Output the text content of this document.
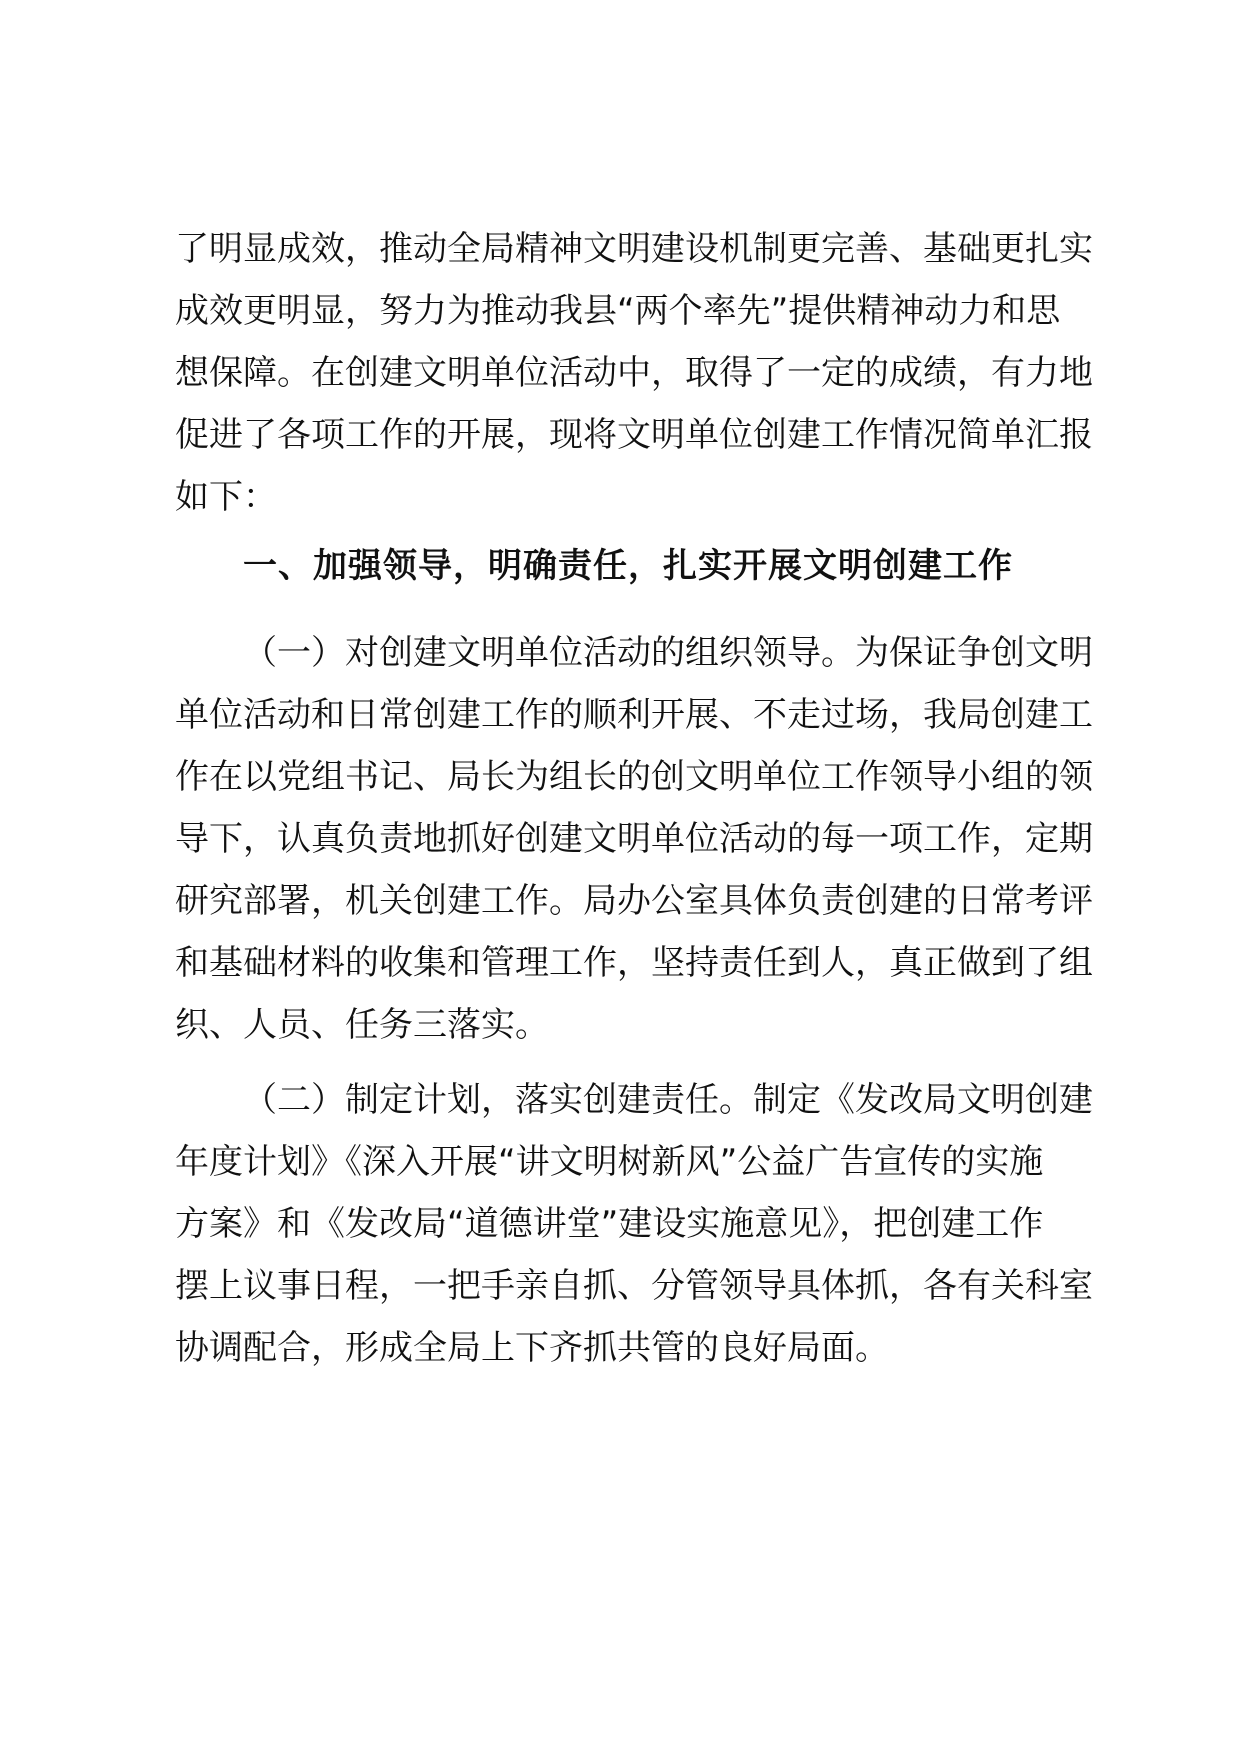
了明显成效，推动全局精神文明建设机制更完善、基础更扎实
成效更明显，努力为推动我县“两个率先”提供精神动力和思
想保障。在创建文明单位活动中，取得了一定的成绩，有力地
促进了各项工作的开展，现将文明单位创建工作情况简单汇报
如下：
一、加强领导，明确责任，扎实开展文明创建工作
（一）对创建文明单位活动的组织领导。为保证争创文明
单位活动和日常创建工作的顺利开展、不走过场，我局创建工
作在以党组书记、局长为组长的创文明单位工作领导小组的领
导下，认真负责地抓好创建文明单位活动的每一项工作，定期
研究部署，机关创建工作。局办公室具体负责创建的日常考评
和基础材料的收集和管理工作，坚持责任到人，真正做到了组
织、人员、任务三落实。
（二）制定计划，落实创建责任。制定《发改局文明创建
年度计划》《深入开展“讲文明树新风”公益广告宣传的实施
方案》和《发改局“道德讲堂”建设实施意见》，把创建工作
摆上议事日程，一把手亲自抓、分管领导具体抓，各有关科室
协调配合，形成全局上下齐抓共管的良好局面。
